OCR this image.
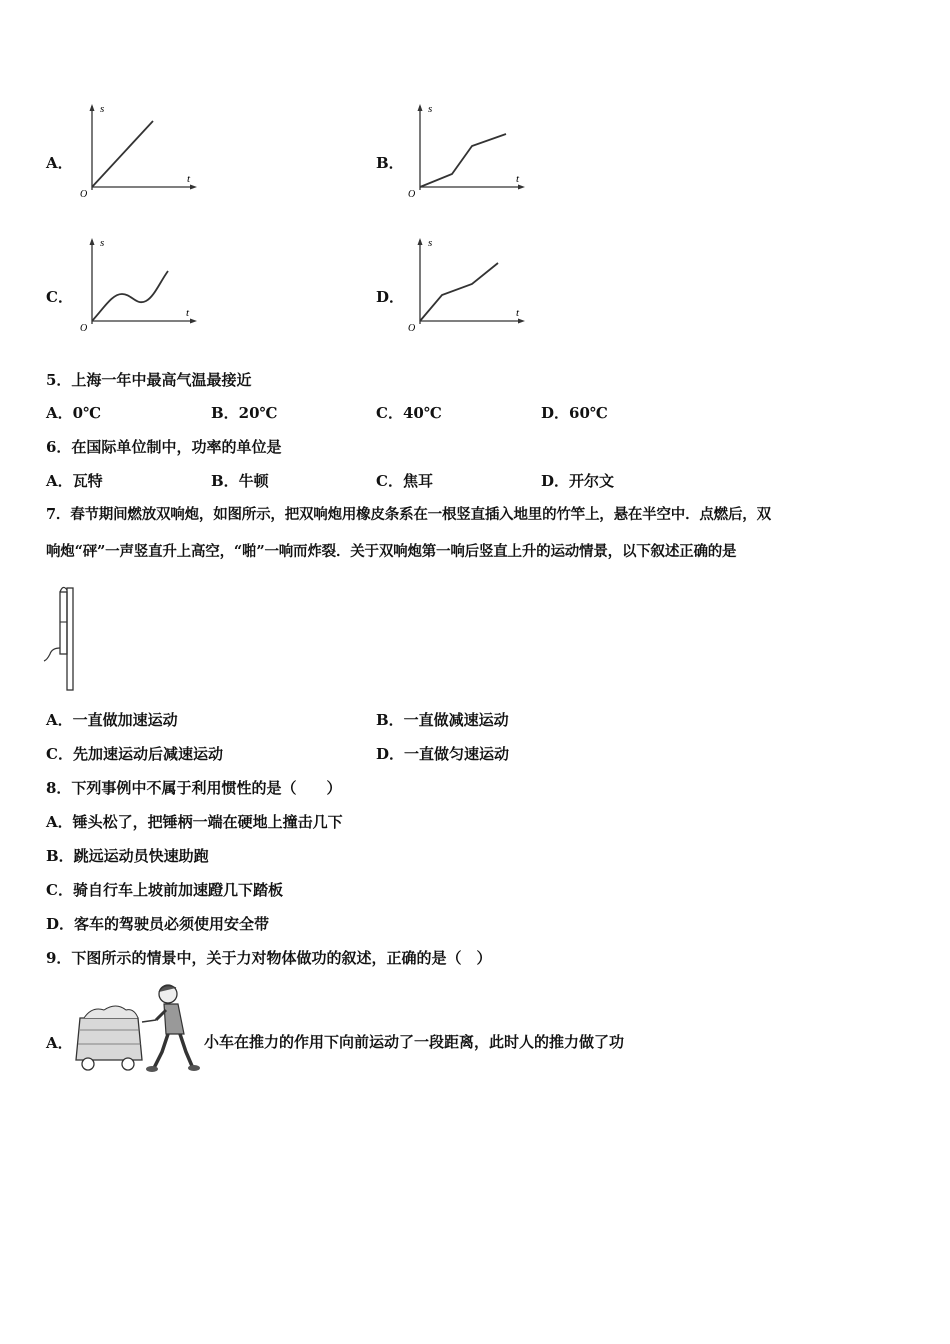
A．
s
t
O
B．
s
t
O
C．
s
t
O
D．
s
t
O
5．上海一年中最高气温最接近
A．0℃	B．20℃	C．40℃	D．60℃
6．在国际单位制中，功率的单位是
A．瓦特	B．牛顿	C．焦耳	D．开尔文
7．春节期间燃放双响炮，如图所示，把双响炮用橡皮条系在一根竖直插入地里的竹竿上，悬在半空中．点燃后，双
响炮“砰”一声竖直升上高空，“啪”一响而炸裂．关于双响炮第一响后竖直上升的运动情景，以下叙述正确的是
A．一直做加速运动	B．一直做减速运动
C．先加速运动后减速运动	D．一直做匀速运动
8．下列事例中不属于利用惯性的是（　　）
A．锤头松了，把锤柄一端在硬地上撞击几下
B．跳远运动员快速助跑
C．骑自行车上坡前加速蹬几下踏板
D．客车的驾驶员必须使用安全带
9．下图所示的情景中，关于力对物体做功的叙述，正确的是（　）
A．	小车在推力的作用下向前运动了一段距离，此时人的推力做了功
